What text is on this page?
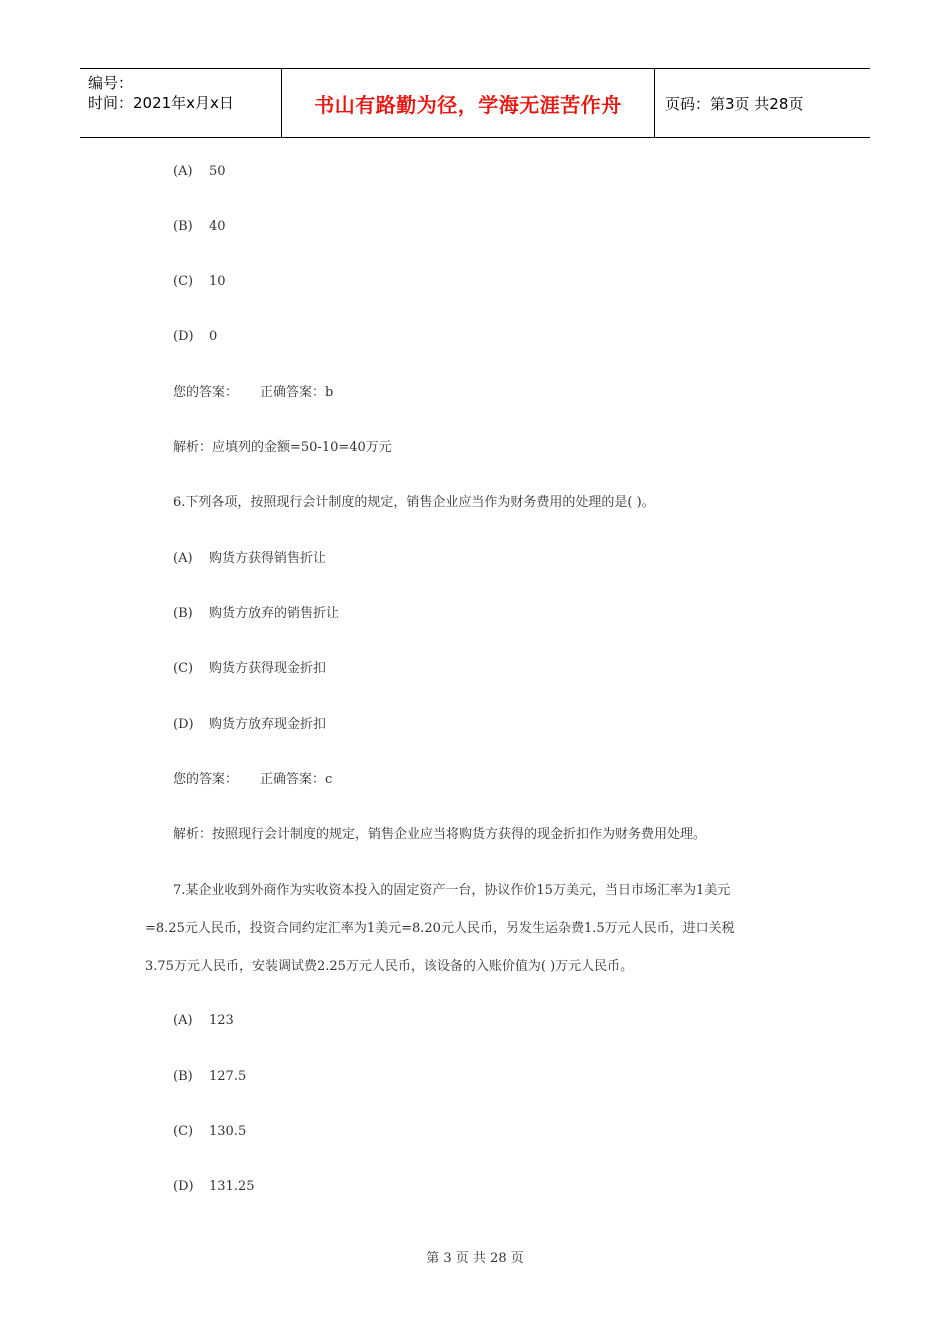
编号：
时间：2021年x月x日	书山有路勤为径，学海无涯苦作舟	页码：第3页 共28页
(A) 50
(B) 40
(C) 10
(D) 0
您的答案： 正确答案：b
解析：应填列的金额=50-10=40万元
6.下列各项，按照现行会计制度的规定，销售企业应当作为财务费用的处理的是( )。
(A) 购货方获得销售折让
(B) 购货方放弃的销售折让
(C) 购货方获得现金折扣
(D) 购货方放弃现金折扣
您的答案： 正确答案：c
解析：按照现行会计制度的规定，销售企业应当将购货方获得的现金折扣作为财务费用处理。
7.某企业收到外商作为实收资本投入的固定资产一台，协议作价15万美元，当日市场汇率为1美元
=8.25元人民币，投资合同约定汇率为1美元=8.20元人民币，另发生运杂费1.5万元人民币，进口关税
3.75万元人民币，安装调试费2.25万元人民币，该设备的入账价值为( )万元人民币。
(A) 123
(B) 127.5
(C) 130.5
(D) 131.25
第 3 页 共 28 页
